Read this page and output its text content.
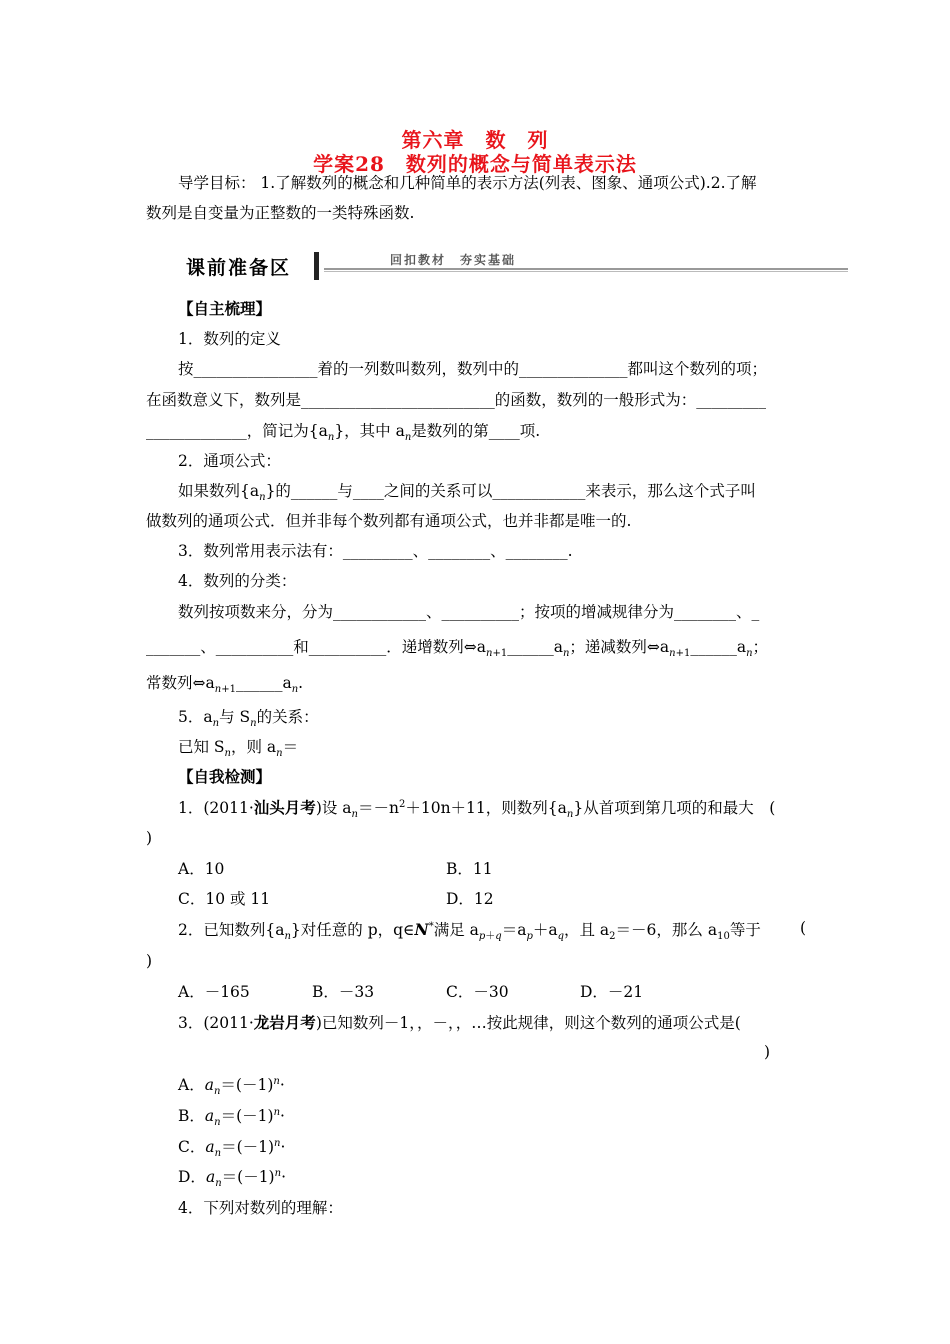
第六章　数　列
学案28　数列的概念与简单表示法
导学目标： 1.了解数列的概念和几种简单的表示方法(列表、图象、通项公式).2.了解
数列是自变量为正整数的一类特殊函数.
课前准备区	回扣教材　夯实基础
【自主梳理】
1．数列的定义
按________________着的一列数叫数列，数列中的______________都叫这个数列的项；
在函数意义下，数列是_________________________的函数，数列的一般形式为：_________
_____________，简记为$\{a_n\}$，其中 $a_n$是数列的第____项.
2．通项公式：
如果数列$\{a_n\}$的______与____之间的关系可以____________来表示，那么这个式子叫
做数列的通项公式．但并非每个数列都有通项公式，也并非都是唯一的.
3．数列常用表示法有：_________、________、________.
4．数列的分类：
数列按项数来分，分为____________、__________；按项的增减规律分为________、_
_______、__________和__________．递增数列$\Leftrightarrow a_{n+1}\_\_\_\_\_\_a_n$；递减数列$\Leftrightarrow a_{n+1}\_\_\_\_\_\_a_n$；
常数列$\Leftrightarrow a_{n+1}\_\_\_\_\_\_a_n$.
5．$a_n$与 $S_n$的关系：
已知 $S_n$，则 $a_n=$
【自我检测】
1．(2011·汕头月考)设 $a_n=-n^2+10n+11$，则数列$\{a_n\}$从首项到第几项的和最大　(
)
A．10	B．11
C．10 或 11	D．12
2．已知数列$\{a_n\}$对任意的 p，q∈N*满足 $a_{p+q}=a_p+a_q$，且 $a_2=-6$，那么 $a_{10}$等于	(
)
A．－165	B．－33	C．－30	D．－21
3．(2011·龙岩月考)已知数列－1，，－，，…按此规律，则这个数列的通项公式是(
)
A．$a_n=(-1)^n\cdot$
B．$a_n=(-1)^n\cdot$
C．$a_n=(-1)^n\cdot$
D．$a_n=(-1)^n\cdot$
4．下列对数列的理解：
